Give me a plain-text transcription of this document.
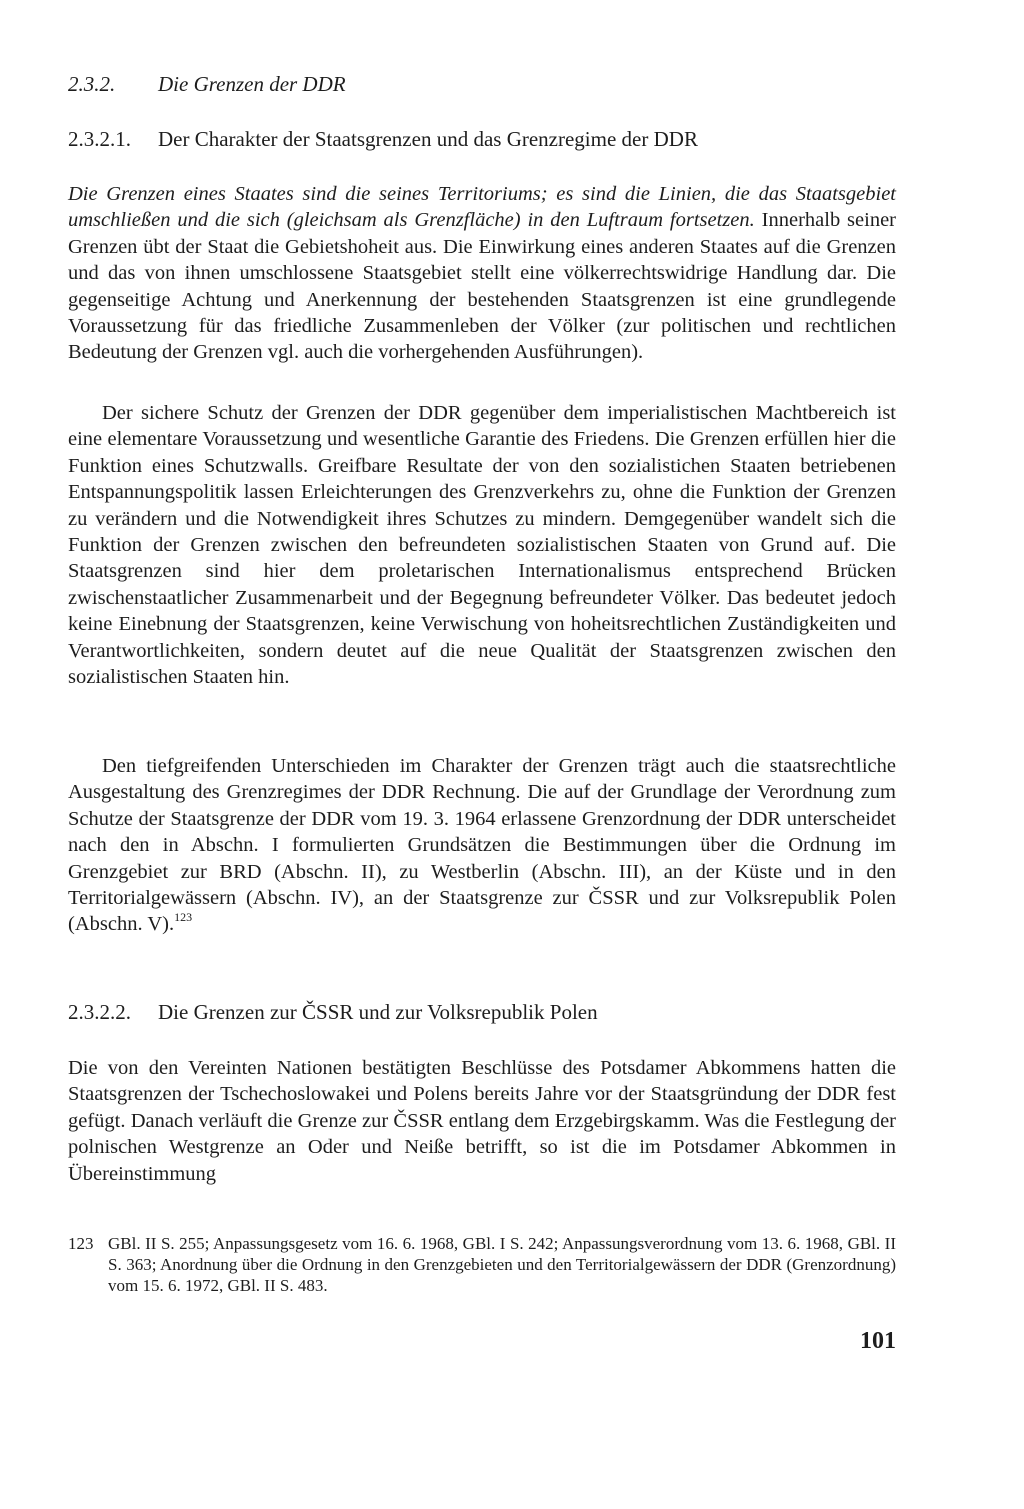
2.3.2. Die Grenzen der DDR
2.3.2.1. Der Charakter der Staatsgrenzen und das Grenzregime der DDR
Die Grenzen eines Staates sind die seines Territoriums; es sind die Linien, die das Staatsgebiet umschließen und die sich (gleichsam als Grenzfläche) in den Luftraum fortsetzen. Innerhalb seiner Grenzen übt der Staat die Gebietshoheit aus. Die Einwirkung eines anderen Staates auf die Grenzen und das von ihnen umschlossene Staatsgebiet stellt eine völkerrechtswidrige Handlung dar. Die gegenseitige Achtung und Anerkennung der bestehenden Staatsgrenzen ist eine grundlegende Voraussetzung für das friedliche Zusammenleben der Völker (zur politischen und rechtlichen Bedeutung der Grenzen vgl. auch die vorhergehenden Ausführungen).
Der sichere Schutz der Grenzen der DDR gegenüber dem imperialistischen Machtbereich ist eine elementare Voraussetzung und wesentliche Garantie des Friedens. Die Grenzen erfüllen hier die Funktion eines Schutzwalls. Greifbare Resultate der von den sozialistichen Staaten betriebenen Entspannungspolitik lassen Erleichterungen des Grenzverkehrs zu, ohne die Funktion der Grenzen zu verändern und die Notwendigkeit ihres Schutzes zu mindern. Demgegenüber wandelt sich die Funktion der Grenzen zwischen den befreundeten sozialistischen Staaten von Grund auf. Die Staatsgrenzen sind hier dem proletarischen Internationalismus entsprechend Brücken zwischenstaatlicher Zusammenarbeit und der Begegnung befreundeter Völker. Das bedeutet jedoch keine Einebnung der Staatsgrenzen, keine Verwischung von hoheitsrechtlichen Zuständigkeiten und Verantwortlichkeiten, sondern deutet auf die neue Qualität der Staatsgrenzen zwischen den sozialistischen Staaten hin.
Den tiefgreifenden Unterschieden im Charakter der Grenzen trägt auch die staatsrechtliche Ausgestaltung des Grenzregimes der DDR Rechnung. Die auf der Grundlage der Verordnung zum Schutze der Staatsgrenze der DDR vom 19. 3. 1964 erlassene Grenzordnung der DDR unterscheidet nach den in Abschn. I formulierten Grundsätzen die Bestimmungen über die Ordnung im Grenzgebiet zur BRD (Abschn. II), zu Westberlin (Abschn. III), an der Küste und in den Territorialgewässern (Abschn. IV), an der Staatsgrenze zur ČSSR und zur Volksrepublik Polen (Abschn. V).$^{123}$
2.3.2.2. Die Grenzen zur ČSSR und zur Volksrepublik Polen
Die von den Vereinten Nationen bestätigten Beschlüsse des Potsdamer Abkommens hatten die Staatsgrenzen der Tschechoslowakei und Polens bereits Jahre vor der Staatsgründung der DDR fest gefügt. Danach verläuft die Grenze zur ČSSR entlang dem Erzgebirgskamm. Was die Festlegung der polnischen Westgrenze an Oder und Neiße betrifft, so ist die im Potsdamer Abkommen in Übereinstimmung
123 GBl. II S. 255; Anpassungsgesetz vom 16. 6. 1968, GBl. I S. 242; Anpassungsverordnung vom 13. 6. 1968, GBl. II S. 363; Anordnung über die Ordnung in den Grenzgebieten und den Territorialgewässern der DDR (Grenzordnung) vom 15. 6. 1972, GBl. II S. 483.
101
